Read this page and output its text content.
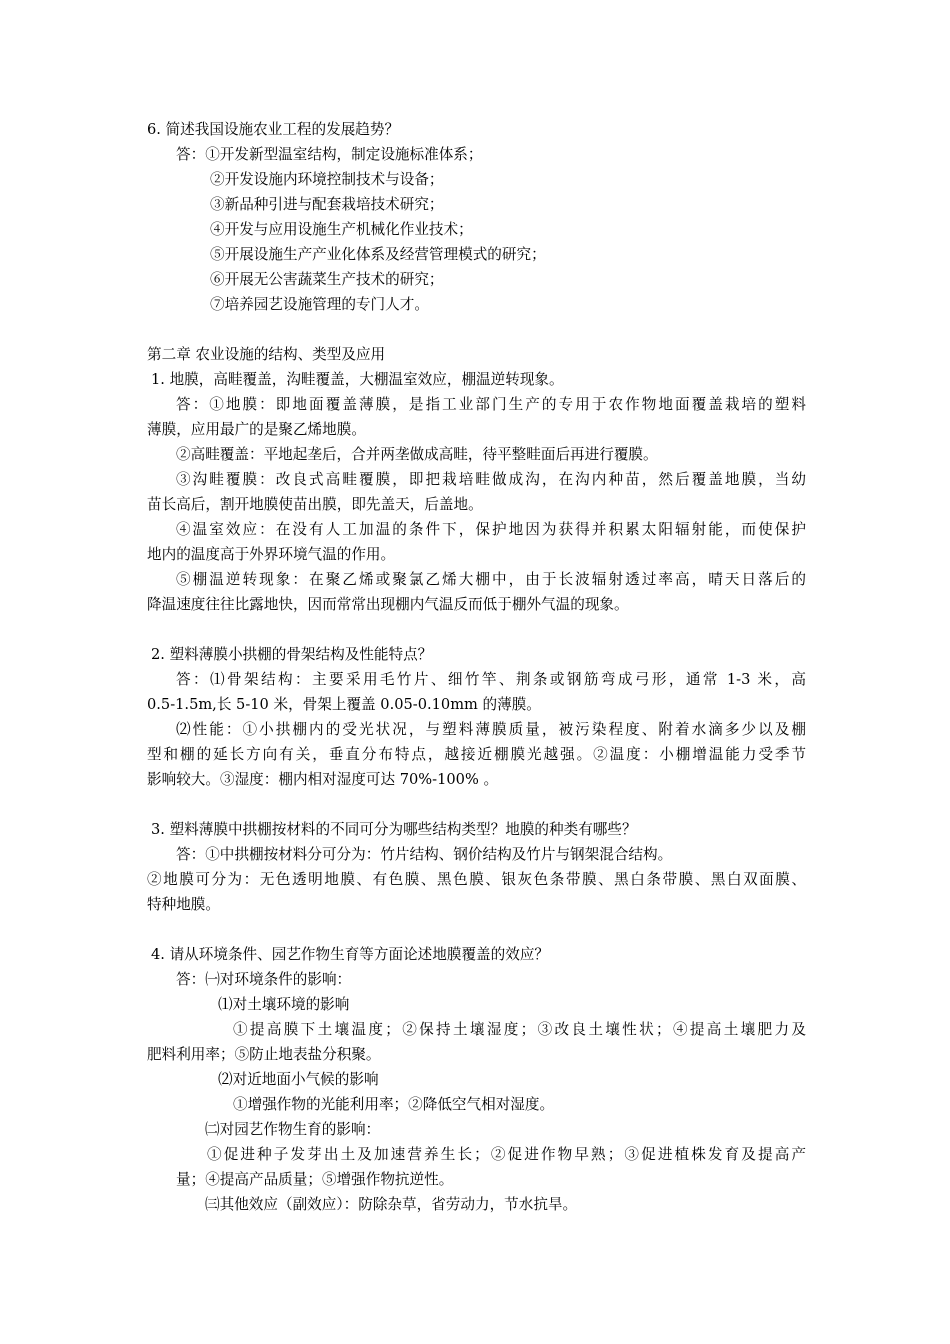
6. 简述我国设施农业工程的发展趋势？
答：①开发新型温室结构，制定设施标准体系；
②开发设施内环境控制技术与设备；
③新品种引进与配套栽培技术研究；
④开发与应用设施生产机械化作业技术；
⑤开展设施生产产业化体系及经营管理模式的研究；
⑥开展无公害蔬菜生产技术的研究；
⑦培养园艺设施管理的专门人才。
第二章 农业设施的结构、类型及应用
1. 地膜，高畦覆盖，沟畦覆盖，大棚温室效应，棚温逆转现象。
答：①地膜：即地面覆盖薄膜，是指工业部门生产的专用于农作物地面覆盖栽培的塑料
薄膜，应用最广的是聚乙烯地膜。
②高畦覆盖：平地起垄后，合并两垄做成高畦，待平整畦面后再进行覆膜。
③沟畦覆膜：改良式高畦覆膜，即把栽培畦做成沟，在沟内种苗，然后覆盖地膜，当幼
苗长高后，割开地膜使苗出膜，即先盖天，后盖地。
④温室效应：在没有人工加温的条件下，保护地因为获得并积累太阳辐射能，而使保护
地内的温度高于外界环境气温的作用。
⑤棚温逆转现象：在聚乙烯或聚氯乙烯大棚中，由于长波辐射透过率高，晴天日落后的
降温速度往往比露地快，因而常常出现棚内气温反而低于棚外气温的现象。
2. 塑料薄膜小拱棚的骨架结构及性能特点？
答：⑴骨架结构：主要采用毛竹片、细竹竿、荆条或钢筋弯成弓形，通常 1-3 米，高
0.5-1.5m,长 5-10 米，骨架上覆盖 0.05-0.10mm 的薄膜。
⑵性能：①小拱棚内的受光状况，与塑料薄膜质量，被污染程度、附着水滴多少以及棚
型和棚的延长方向有关，垂直分布特点，越接近棚膜光越强。②温度：小棚增温能力受季节
影响较大。③湿度：棚内相对湿度可达 70%-100% 。
3. 塑料薄膜中拱棚按材料的不同可分为哪些结构类型？地膜的种类有哪些？
答：①中拱棚按材料分可分为：竹片结构、钢价结构及竹片与钢架混合结构。
②地膜可分为：无色透明地膜、有色膜、黑色膜、银灰色条带膜、黑白条带膜、黑白双面膜、
特种地膜。
4. 请从环境条件、园艺作物生育等方面论述地膜覆盖的效应？
答：㈠对环境条件的影响：
⑴对土壤环境的影响
①提高膜下土壤温度；②保持土壤湿度；③改良土壤性状；④提高土壤肥力及
肥料利用率；⑤防止地表盐分积聚。
⑵对近地面小气候的影响
①增强作物的光能利用率；②降低空气相对湿度。
㈡对园艺作物生育的影响：
①促进种子发芽出土及加速营养生长；②促进作物早熟；③促进植株发育及提高产
量；④提高产品质量；⑤增强作物抗逆性。
㈢其他效应（副效应）：防除杂草，省劳动力，节水抗旱。
